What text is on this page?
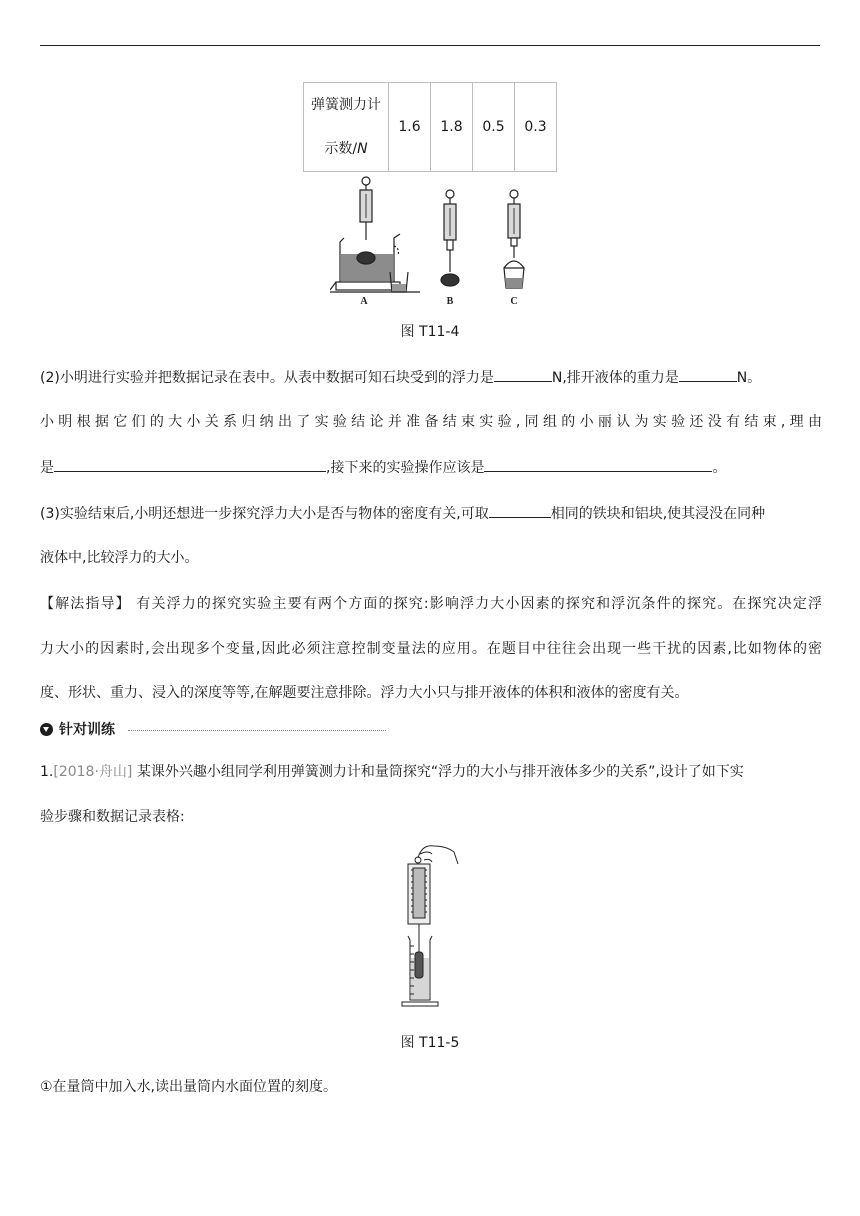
弹簧测力计
示数/N	1.6	1.8	0.5	0.3
A	B	C
图 T11-4
(2)小明进行实验并把数据记录在表中。从表中数据可知石块受到的浮力是	N,排开液体的重力是	N。
小明根据它们的大小关系归纳出了实验结论并准备结束实验,同组的小丽认为实验还没有结束,理由
是	,接下来的实验操作应该是	。
(3)实验结束后,小明还想进一步探究浮力大小是否与物体的密度有关,可取	相同的铁块和铝块,使其浸没在同种
液体中,比较浮力的大小。
【解法指导】 有关浮力的探究实验主要有两个方面的探究:影响浮力大小因素的探究和浮沉条件的探究。在探究决定浮
力大小的因素时,会出现多个变量,因此必须注意控制变量法的应用。在题目中往往会出现一些干扰的因素,比如物体的密
度、形状、重力、浸入的深度等等,在解题要注意排除。浮力大小只与排开液体的体积和液体的密度有关。
针对训练
1.[2018·舟山] 某课外兴趣小组同学利用弹簧测力计和量筒探究“浮力的大小与排开液体多少的关系”,设计了如下实
验步骤和数据记录表格:
图 T11-5
①在量筒中加入水,读出量筒内水面位置的刻度。
